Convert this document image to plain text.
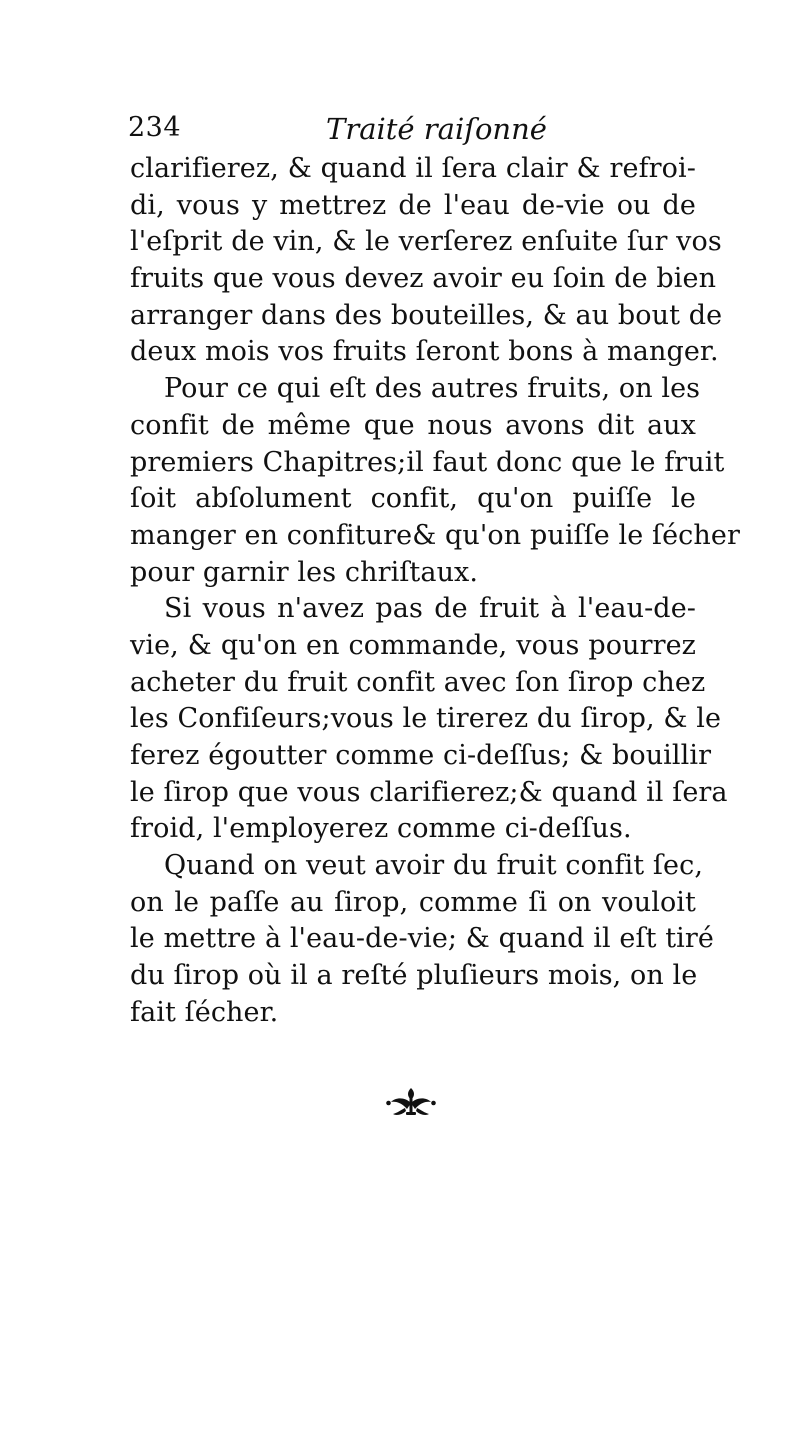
234	Traité raiſonné
clarifierez, & quand il ſera clair & refroi-
di, vous y mettrez de l'eau de-vie ou de
l'eſprit de vin, & le verſerez enſuite ſur vos
fruits que vous devez avoir eu ſoin de bien
arranger dans des bouteilles, & au bout de
deux mois vos fruits ſeront bons à manger.
Pour ce qui eſt des autres fruits, on les
confit de même que nous avons dit aux
premiers Chapitres;il faut donc que le fruit
ſoit abſolument confit, qu'on puiſſe le
manger en confiture& qu'on puiſſe le ſécher
pour garnir les chriſtaux.
Si vous n'avez pas de fruit à l'eau-de-
vie, & qu'on en commande, vous pourrez
acheter du fruit confit avec ſon ſirop chez
les Confiſeurs;vous le tirerez du ſirop, & le
ferez égoutter comme ci-deſſus; & bouillir
le ſirop que vous clarifierez;& quand il ſera
froid, l'employerez comme ci-deſſus.
Quand on veut avoir du fruit confit ſec,
on le paſſe au ſirop, comme ſi on vouloit
le mettre à l'eau-de-vie; & quand il eſt tiré
du ſirop où il a reſté pluſieurs mois, on le
fait ſécher.
